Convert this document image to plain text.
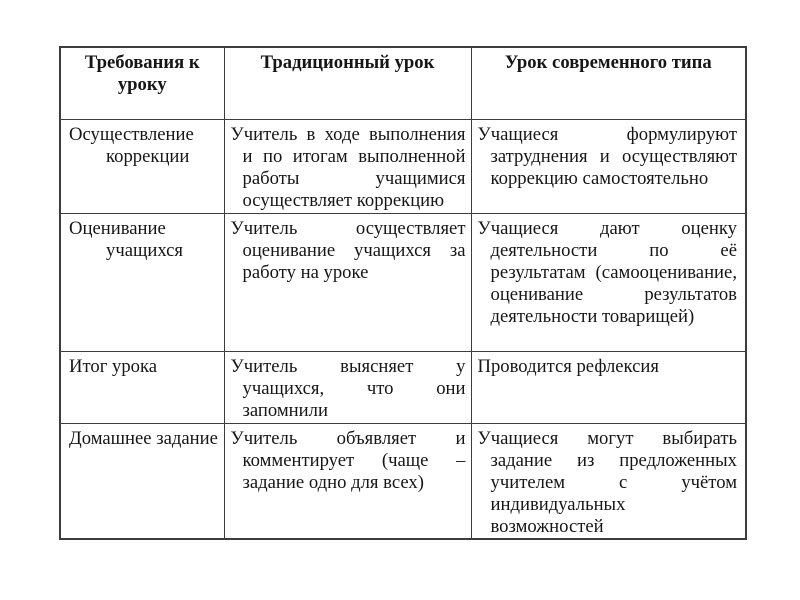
Требования к уроку	Традиционный урок	Урок современного типа

Осуществление коррекции	Учитель в ходе выполнения и по итогам выполненной работы учащимися осуществляет коррекцию	Учащиеся формулируют затруднения и осуществляют коррекцию самостоятельно

Оценивание учащихся	Учитель осуществляет оценивание учащихся за работу на уроке	Учащиеся дают оценку деятельности по её результатам (самооценивание, оценивание результатов деятельности товарищей)

Итог урока	Учитель выясняет у учащихся, что они запомнили	Проводится рефлексия

Домашнее задание	Учитель объявляет и комментирует (чаще – задание одно для всех)	Учащиеся могут выбирать задание из предложенных учителем с учётом индивидуальных возможностей
